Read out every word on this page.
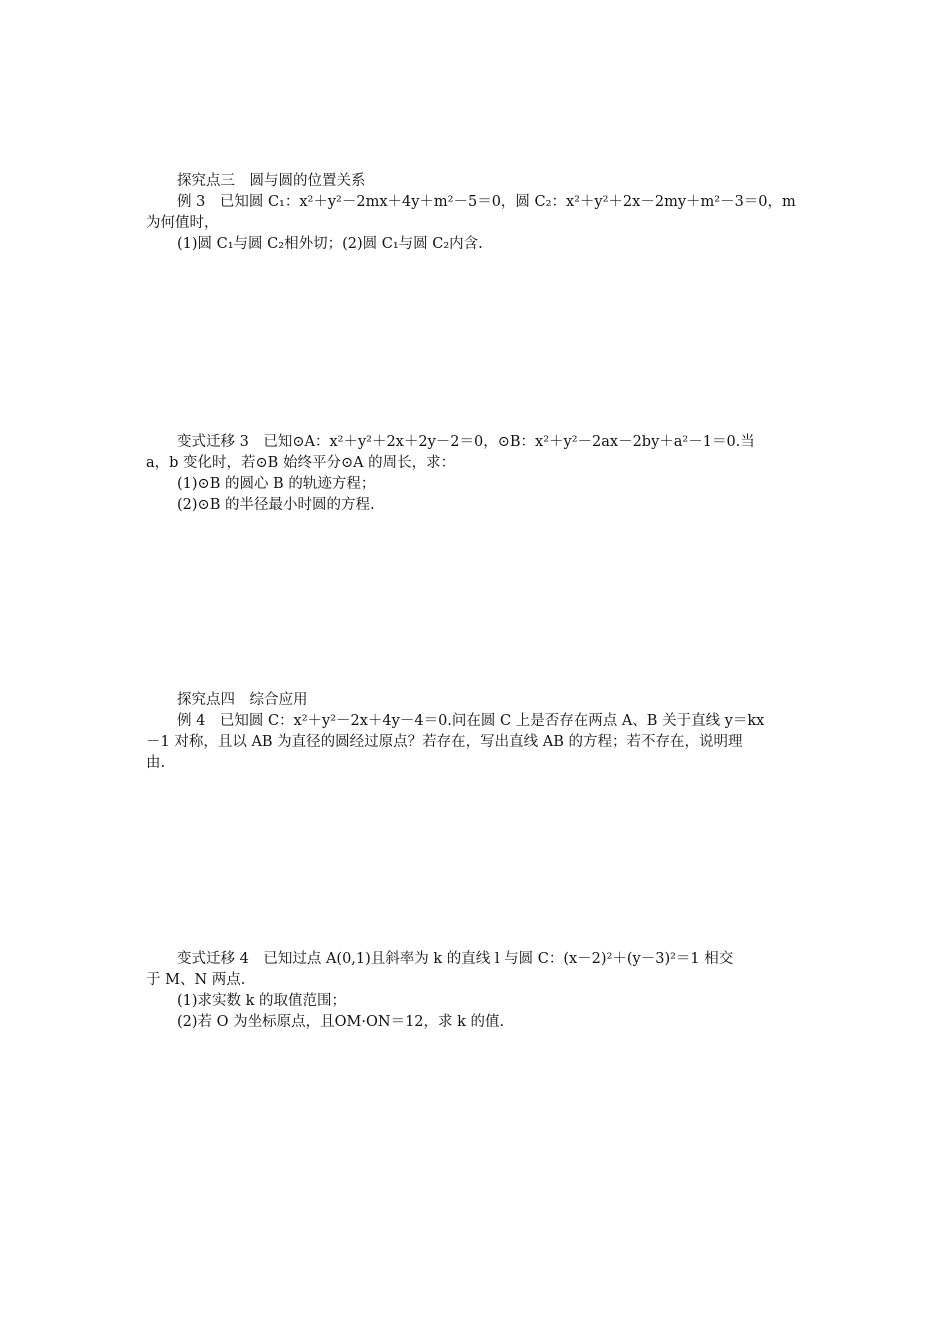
探究点三　圆与圆的位置关系
例 3　已知圆 C₁：x²＋y²－2mx＋4y＋m²－5＝0，圆 C₂：x²＋y²＋2x－2my＋m²－3＝0，m
为何值时，
(1)圆 C₁与圆 C₂相外切；(2)圆 C₁与圆 C₂内含.
变式迁移 3　已知⊙A：x²＋y²＋2x＋2y－2＝0，⊙B：x²＋y²－2ax－2by＋a²－1＝0.当
a，b 变化时，若⊙B 始终平分⊙A 的周长，求：
(1)⊙B 的圆心 B 的轨迹方程；
(2)⊙B 的半径最小时圆的方程.
探究点四　综合应用
例 4　已知圆 C：x²＋y²－2x＋4y－4＝0.问在圆 C 上是否存在两点 A、B 关于直线 y＝kx
－1 对称，且以 AB 为直径的圆经过原点？若存在，写出直线 AB 的方程；若不存在，说明理
由.
变式迁移 4　已知过点 A(0,1)且斜率为 k 的直线 l 与圆 C：(x－2)²＋(y－3)²＝1 相交
于 M、N 两点.
(1)求实数 k 的取值范围；
(2)若 O 为坐标原点，且OM·ON＝12，求 k 的值.
